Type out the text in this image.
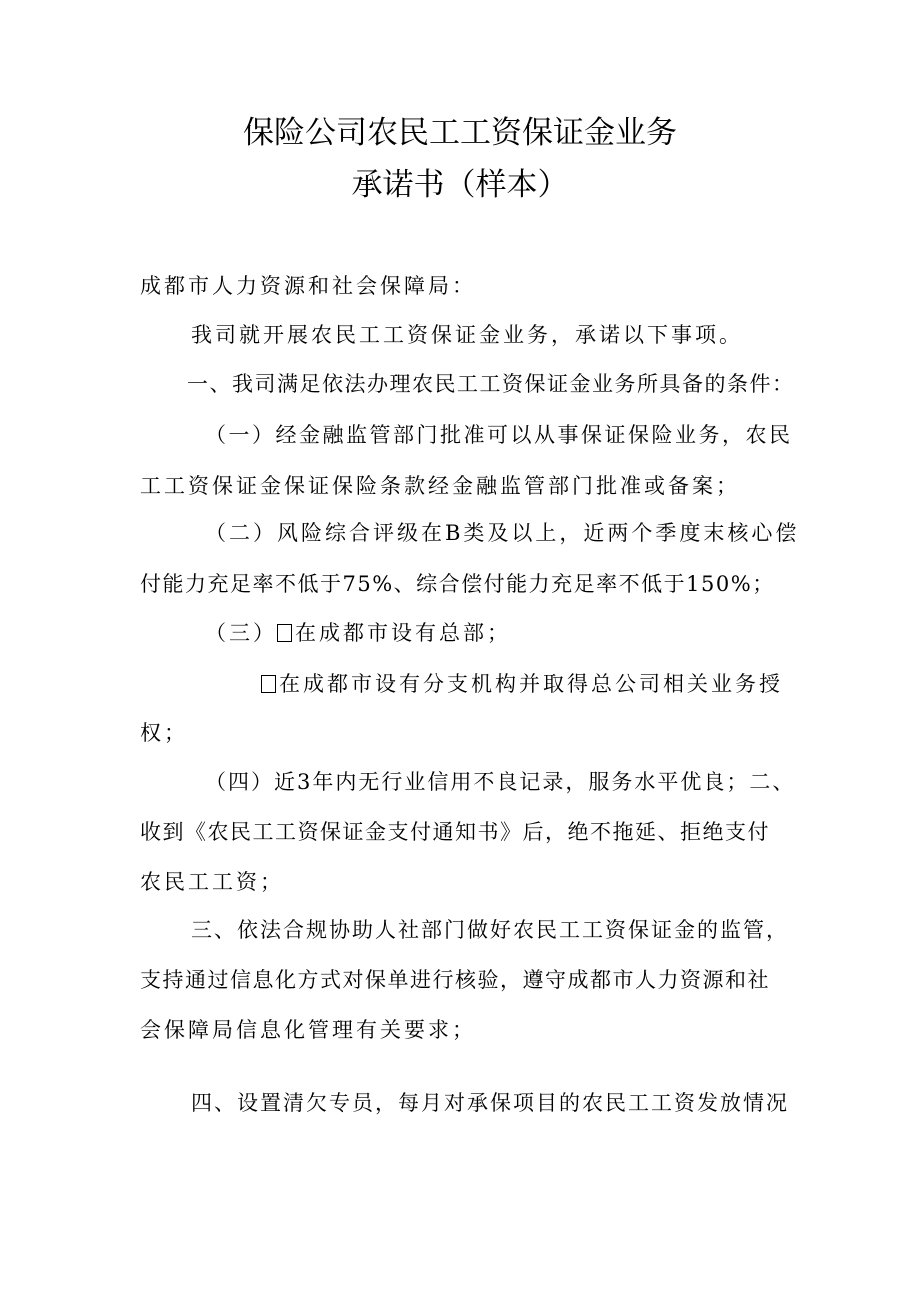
保险公司农民工工资保证金业务
承诺书（样本）
成都市人力资源和社会保障局：
我司就开展农民工工资保证金业务，承诺以下事项。
一、我司满足依法办理农民工工资保证金业务所具备的条件：
（一）经金融监管部门批准可以从事保证保险业务，农民
工工资保证金保证保险条款经金融监管部门批准或备案；
（二）风险综合评级在B类及以上，近两个季度末核心偿
付能力充足率不低于75%、综合偿付能力充足率不低于150%；
（三） 在成都市设有总部；
在成都市设有分支机构并取得总公司相关业务授
权；
（四）近3年内无行业信用不良记录，服务水平优良；二、
收到《农民工工资保证金支付通知书》后，绝不拖延、拒绝支付
农民工工资；
三、依法合规协助人社部门做好农民工工资保证金的监管，
支持通过信息化方式对保单进行核验，遵守成都市人力资源和社
会保障局信息化管理有关要求；
四、设置清欠专员，每月对承保项目的农民工工资发放情况
